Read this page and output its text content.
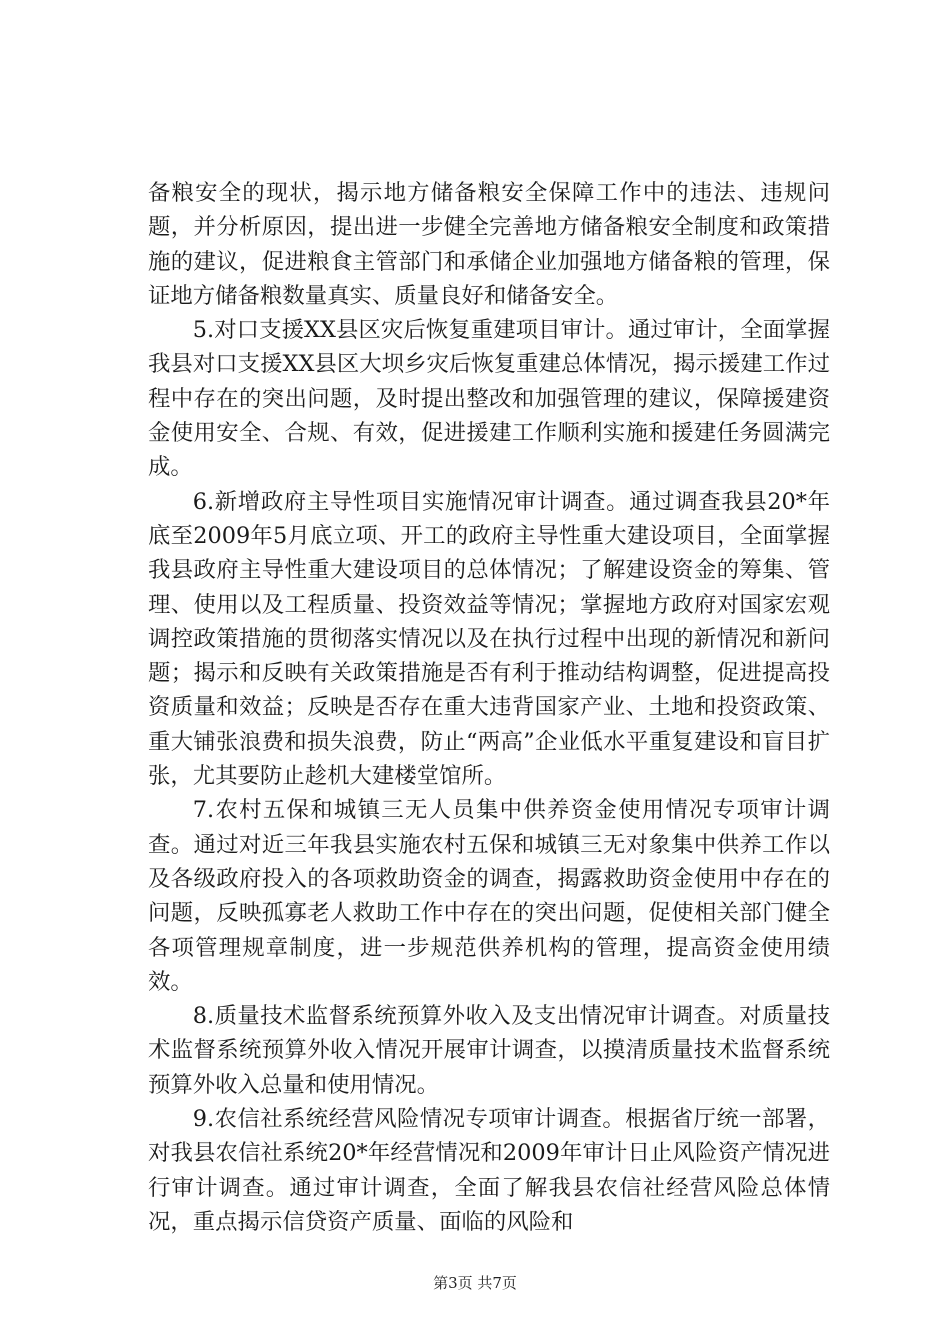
备粮安全的现状，揭示地方储备粮安全保障工作中的违法、违规问题，并分析原因，提出进一步健全完善地方储备粮安全制度和政策措施的建议，促进粮食主管部门和承储企业加强地方储备粮的管理，保证地方储备粮数量真实、质量良好和储备安全。

5.对口支援XX县区灾后恢复重建项目审计。通过审计，全面掌握我县对口支援XX县区大坝乡灾后恢复重建总体情况，揭示援建工作过程中存在的突出问题，及时提出整改和加强管理的建议，保障援建资金使用安全、合规、有效，促进援建工作顺利实施和援建任务圆满完成。

6.新增政府主导性项目实施情况审计调查。通过调查我县20*年底至2009年5月底立项、开工的政府主导性重大建设项目，全面掌握我县政府主导性重大建设项目的总体情况；了解建设资金的筹集、管理、使用以及工程质量、投资效益等情况；掌握地方政府对国家宏观调控政策措施的贯彻落实情况以及在执行过程中出现的新情况和新问题；揭示和反映有关政策措施是否有利于推动结构调整，促进提高投资质量和效益；反映是否存在重大违背国家产业、土地和投资政策、重大铺张浪费和损失浪费，防止“两高”企业低水平重复建设和盲目扩张，尤其要防止趁机大建楼堂馆所。

7.农村五保和城镇三无人员集中供养资金使用情况专项审计调查。通过对近三年我县实施农村五保和城镇三无对象集中供养工作以及各级政府投入的各项救助资金的调查，揭露救助资金使用中存在的问题，反映孤寡老人救助工作中存在的突出问题，促使相关部门健全各项管理规章制度，进一步规范供养机构的管理，提高资金使用绩效。

8.质量技术监督系统预算外收入及支出情况审计调查。对质量技术监督系统预算外收入情况开展审计调查，以摸清质量技术监督系统预算外收入总量和使用情况。

9.农信社系统经营风险情况专项审计调查。根据省厅统一部署，对我县农信社系统20*年经营情况和2009年审计日止风险资产情况进行审计调查。通过审计调查，全面了解我县农信社经营风险总体情况，重点揭示信贷资产质量、面临的风险和

第3页 共7页
